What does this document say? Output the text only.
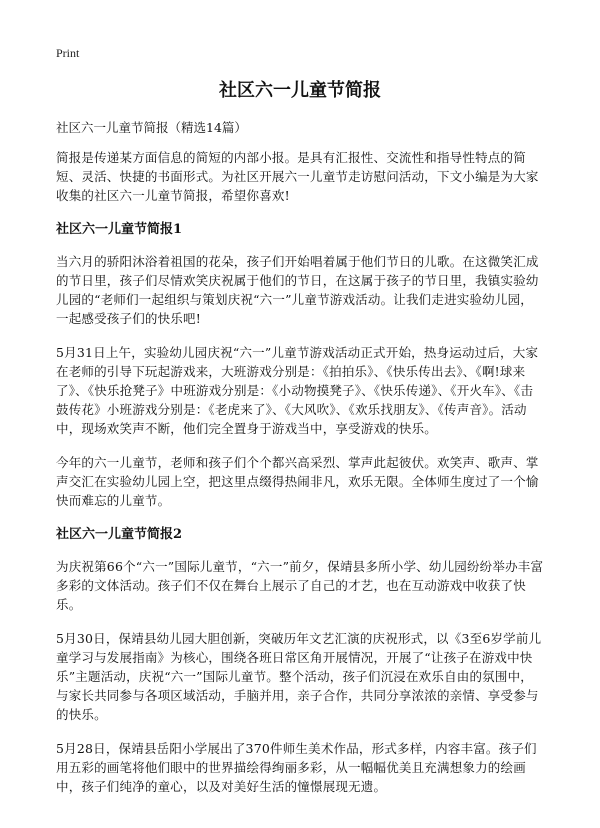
Print
社区六一儿童节简报
社区六一儿童节简报（精选14篇）

简报是传递某方面信息的简短的内部小报。是具有汇报性、交流性和指导性特点的简短、灵活、快捷的书面形式。为社区开展六一儿童节走访慰问活动，下文小编是为大家收集的社区六一儿童节简报，希望你喜欢!

社区六一儿童节简报1

当六月的骄阳沐浴着祖国的花朵，孩子们开始唱着属于他们节日的儿歌。在这微笑汇成的节日里，孩子们尽情欢笑庆祝属于他们的节日，在这属于孩子的节日里，我镇实验幼儿园的“老师们一起组织与策划庆祝“六一”儿童节游戏活动。让我们走进实验幼儿园，一起感受孩子们的快乐吧!

5月31日上午，实验幼儿园庆祝“六一”儿童节游戏活动正式开始，热身运动过后，大家在老师的引导下玩起游戏来，大班游戏分别是：《拍拍乐》、《快乐传出去》、《啊!球来了》、《快乐抢凳子》中班游戏分别是：《小动物摸凳子》、《快乐传递》、《开火车》、《击鼓传花》小班游戏分别是：《老虎来了》、《大风吹》、《欢乐找朋友》、《传声音》。活动中，现场欢笑声不断，他们完全置身于游戏当中，享受游戏的快乐。

今年的六一儿童节，老师和孩子们个个都兴高采烈、掌声此起彼伏。欢笑声、歌声、掌声交汇在实验幼儿园上空，把这里点缀得热闹非凡，欢乐无限。全体师生度过了一个愉快而难忘的儿童节。

社区六一儿童节简报2

为庆祝第66个“六一”国际儿童节，“六一”前夕，保靖县多所小学、幼儿园纷纷举办丰富多彩的文体活动。孩子们不仅在舞台上展示了自己的才艺，也在互动游戏中收获了快乐。

5月30日，保靖县幼儿园大胆创新，突破历年文艺汇演的庆祝形式，以《3至6岁学前儿童学习与发展指南》为核心，围绕各班日常区角开展情况，开展了“让孩子在游戏中快乐”主题活动，庆祝“六一”国际儿童节。整个活动，孩子们沉浸在欢乐自由的氛围中，与家长共同参与各项区域活动，手脑并用，亲子合作，共同分享浓浓的亲情、享受参与的快乐。

5月28日，保靖县岳阳小学展出了370件师生美术作品，形式多样，内容丰富。孩子们用五彩的画笔将他们眼中的世界描绘得绚丽多彩，从一幅幅优美且充满想象力的绘画中，孩子们纯净的童心，以及对美好生活的憧憬展现无遗。
